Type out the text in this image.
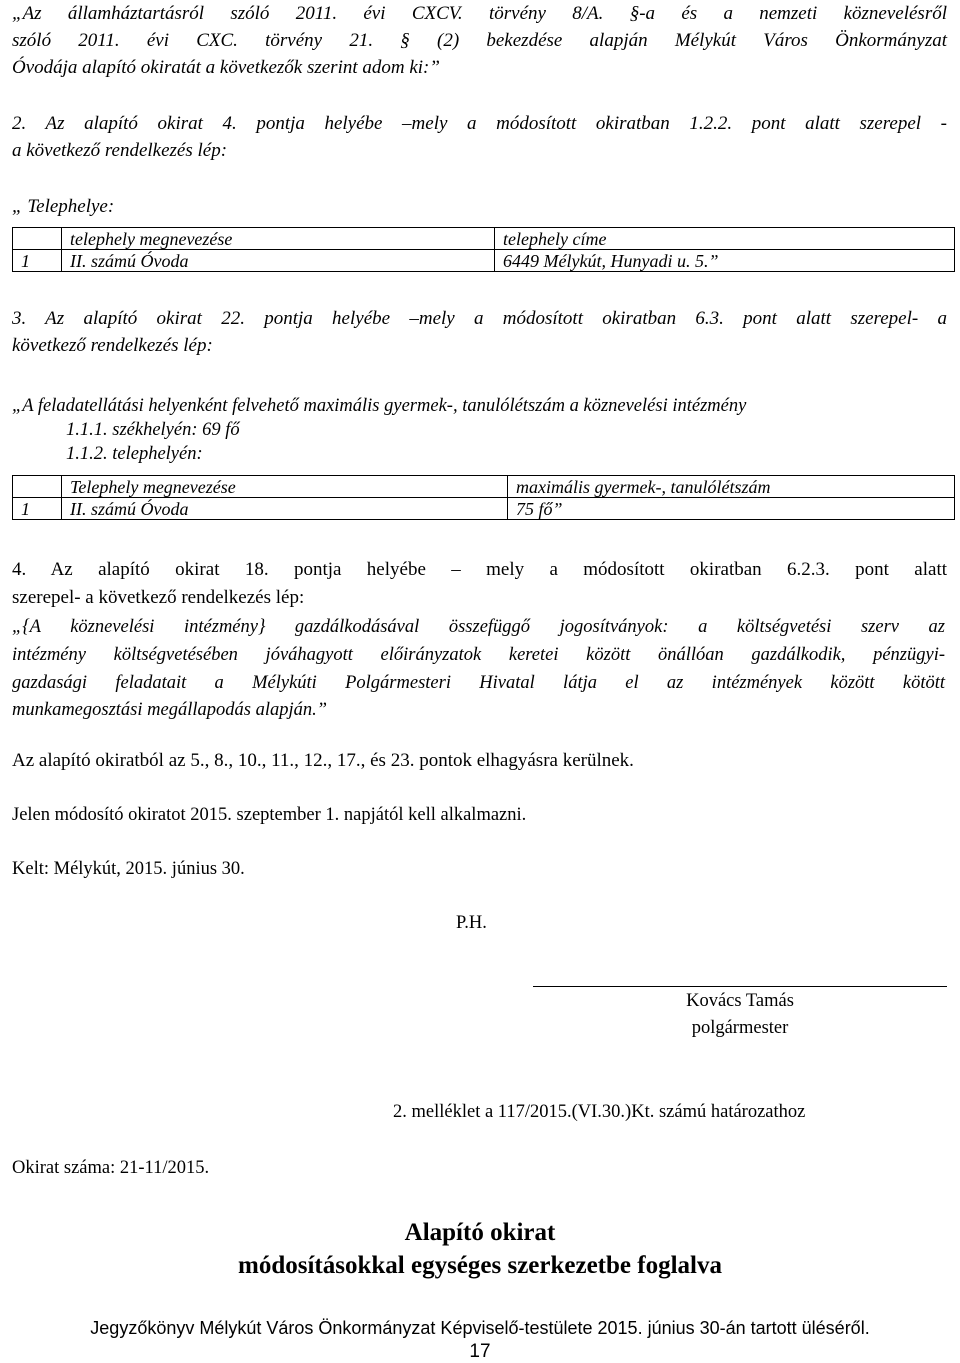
„Az államháztartásról szóló 2011. évi CXCV. törvény 8/A. §-a és a nemzeti köznevelésről
szóló 2011. évi CXC. törvény 21. § (2) bekezdése alapján Mélykút Város Önkormányzat
Óvodája alapító okiratát a következők szerint adom ki:”
2. Az alapító okirat 4. pontja helyébe –mely a módosított okiratban 1.2.2. pont alatt szerepel -
a következő rendelkezés lép:
„ Telephelye:
	telephely megnevezése	telephely címe
1	II. számú Óvoda	6449 Mélykút, Hunyadi u. 5.”
3. Az alapító okirat 22. pontja helyébe –mely a módosított okiratban 6.3. pont alatt szerepel- a
következő rendelkezés lép:
„A feladatellátási helyenként felvehető maximális gyermek-, tanulólétszám a köznevelési intézmény
1.1.1. székhelyén: 69 fő
1.1.2. telephelyén:
	Telephely megnevezése	maximális gyermek-, tanulólétszám
1	II. számú Óvoda	75 fő”
4. Az alapító okirat 18. pontja helyébe – mely a módosított okiratban 6.2.3. pont alatt
szerepel- a következő rendelkezés lép:
„{A köznevelési intézmény} gazdálkodásával összefüggő jogosítványok: a költségvetési szerv az
intézmény költségvetésében jóváhagyott előirányzatok keretei között önállóan gazdálkodik, pénzügyi-
gazdasági feladatait a Mélykúti Polgármesteri Hivatal látja el az intézmények között kötött
munkamegosztási megállapodás alapján.”
Az alapító okiratból az 5., 8., 10., 11., 12., 17., és 23. pontok elhagyásra kerülnek.
Jelen módosító okiratot 2015. szeptember 1. napjától kell alkalmazni.
Kelt: Mélykút, 2015. június 30.
P.H.
Kovács Tamás
polgármester
2. melléklet a 117/2015.(VI.30.)Kt. számú határozathoz
Okirat száma: 21-11/2015.
Alapító okirat
módosításokkal egységes szerkezetbe foglalva
Jegyzőkönyv Mélykút Város Önkormányzat Képviselő-testülete 2015. június 30-án tartott üléséről.
17
